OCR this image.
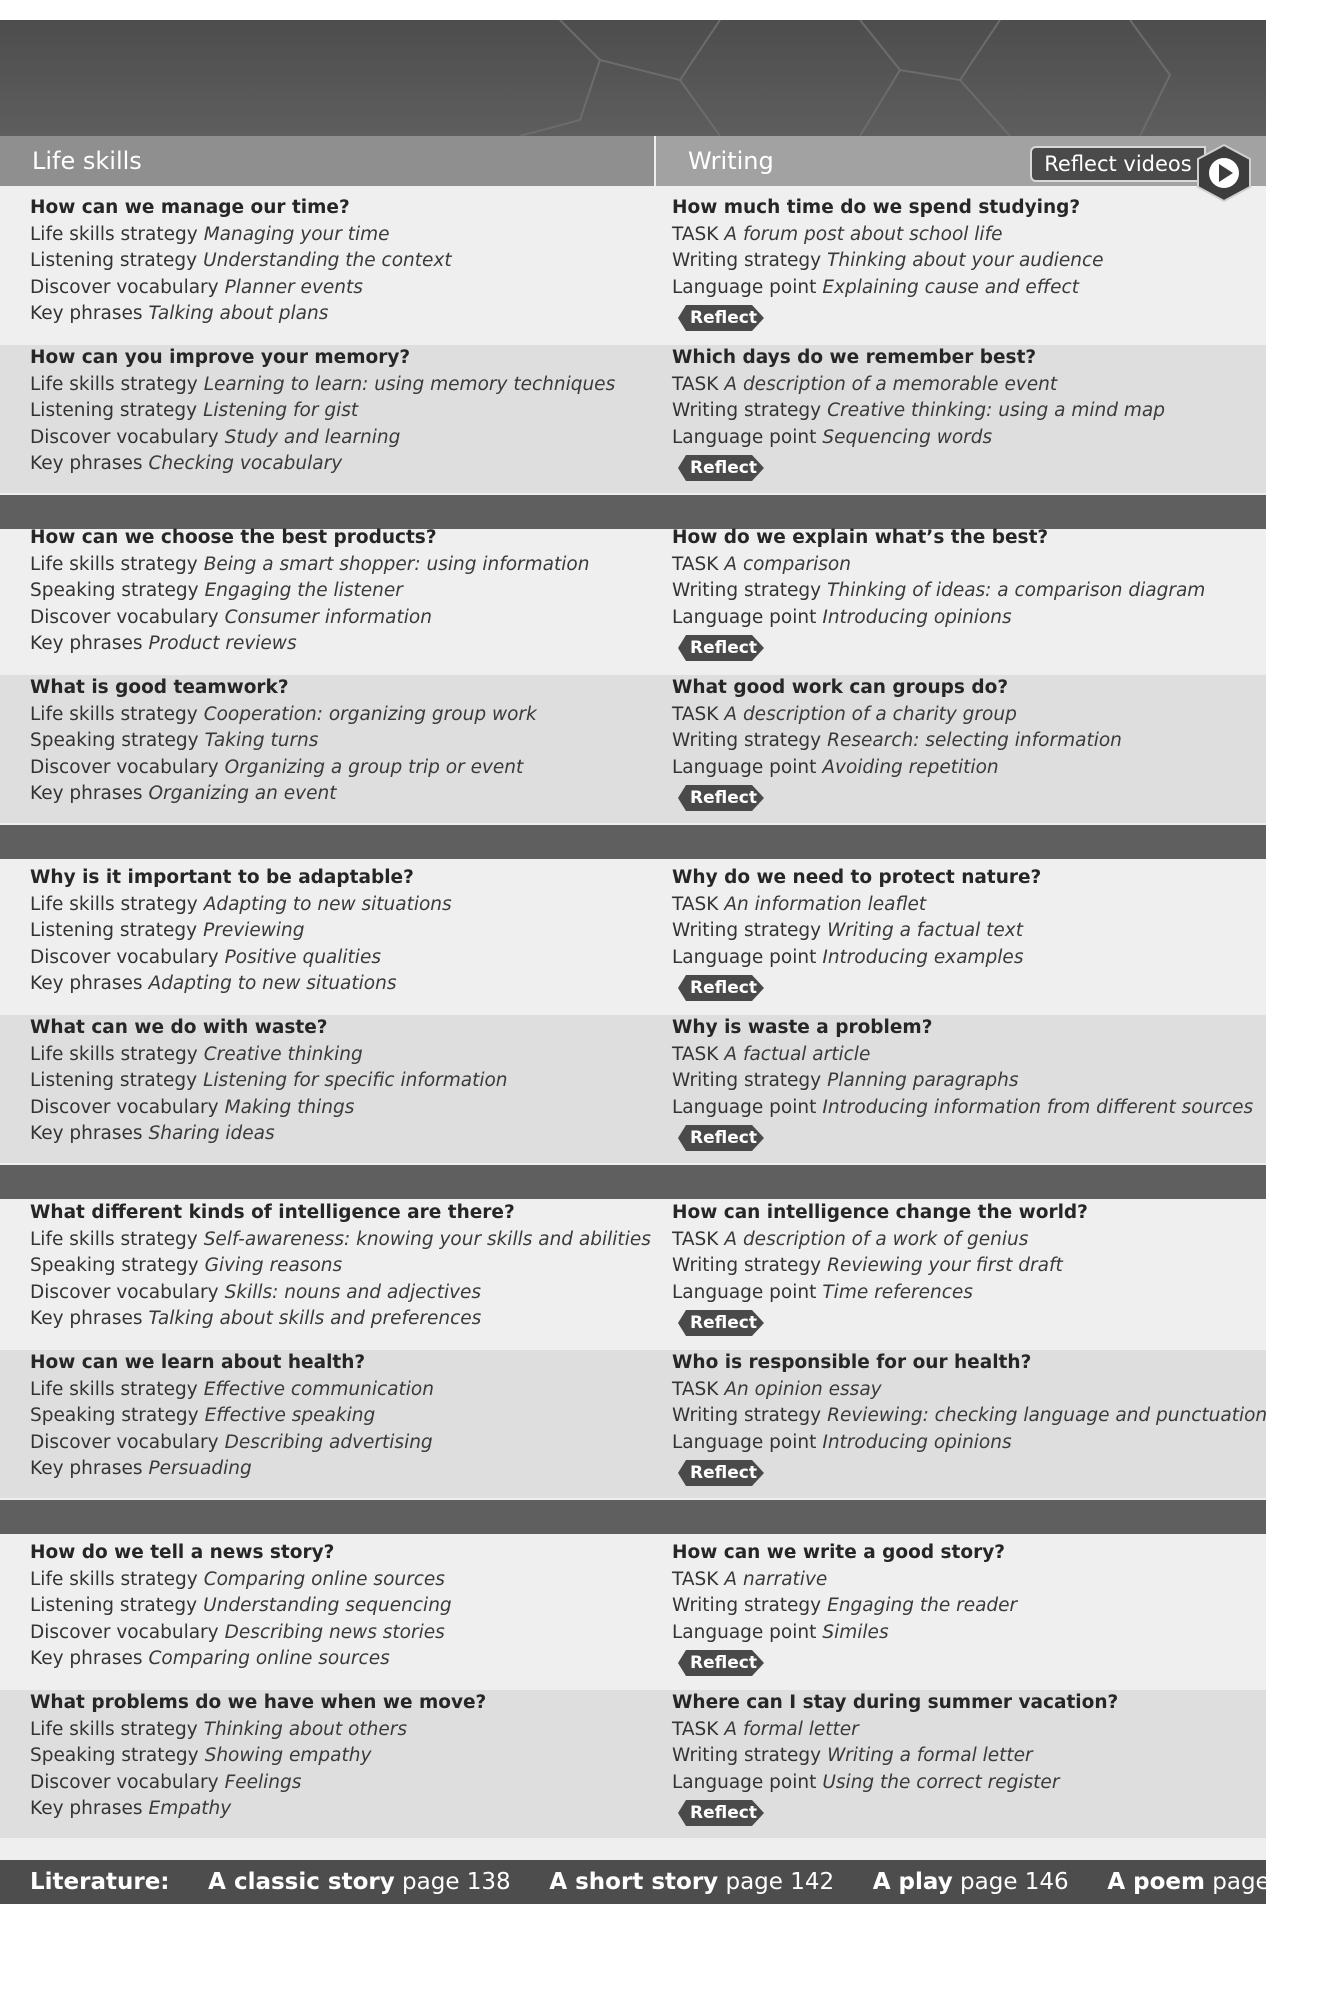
Life skills	Writing	Reflect videos
Literature: A classic story page 138 A short story page 142 A play page 146 A poem page 150
How can we manage our time?
Life skills strategy Managing your time
Listening strategy Understanding the context
Discover vocabulary Planner events
Key phrases Talking about plans
How can you improve your memory?
Life skills strategy Learning to learn: using memory techniques
Listening strategy Listening for gist
Discover vocabulary Study and learning
Key phrases Checking vocabulary
How much time do we spend studying?
TASK A forum post about school life
Writing strategy Thinking about your audience
Language point Explaining cause and effect
Reflect
Which days do we remember best?
TASK A description of a memorable event
Writing strategy Creative thinking: using a mind map
Language point Sequencing words
Reflect
How can we choose the best products?
Life skills strategy Being a smart shopper: using information
Speaking strategy Engaging the listener
Discover vocabulary Consumer information
Key phrases Product reviews
What is good teamwork?
Life skills strategy Cooperation: organizing group work
Speaking strategy Taking turns
Discover vocabulary Organizing a group trip or event
Key phrases Organizing an event
How do we explain what’s the best?
TASK A comparison
Writing strategy Thinking of ideas: a comparison diagram
Language point Introducing opinions
Reflect
What good work can groups do?
TASK A description of a charity group
Writing strategy Research: selecting information
Language point Avoiding repetition
Reflect
Why is it important to be adaptable?
Life skills strategy Adapting to new situations
Listening strategy Previewing
Discover vocabulary Positive qualities
Key phrases Adapting to new situations
What can we do with waste?
Life skills strategy Creative thinking
Listening strategy Listening for specific information
Discover vocabulary Making things
Key phrases Sharing ideas
Why do we need to protect nature?
TASK An information leaflet
Writing strategy Writing a factual text
Language point Introducing examples
Reflect
Why is waste a problem?
TASK A factual article
Writing strategy Planning paragraphs
Language point Introducing information from different sources
Reflect
What different kinds of intelligence are there?
Life skills strategy Self-awareness: knowing your skills and abilities
Speaking strategy Giving reasons
Discover vocabulary Skills: nouns and adjectives
Key phrases Talking about skills and preferences
How can we learn about health?
Life skills strategy Effective communication
Speaking strategy Effective speaking
Discover vocabulary Describing advertising
Key phrases Persuading
How can intelligence change the world?
TASK A description of a work of genius
Writing strategy Reviewing your first draft
Language point Time references
Reflect
Who is responsible for our health?
TASK An opinion essay
Writing strategy Reviewing: checking language and punctuation
Language point Introducing opinions
Reflect
How do we tell a news story?
Life skills strategy Comparing online sources
Listening strategy Understanding sequencing
Discover vocabulary Describing news stories
Key phrases Comparing online sources
What problems do we have when we move?
Life skills strategy Thinking about others
Speaking strategy Showing empathy
Discover vocabulary Feelings
Key phrases Empathy
How can we write a good story?
TASK A narrative
Writing strategy Engaging the reader
Language point Similes
Reflect
Where can I stay during summer vacation?
TASK A formal letter
Writing strategy Writing a formal letter
Language point Using the correct register
Reflect
